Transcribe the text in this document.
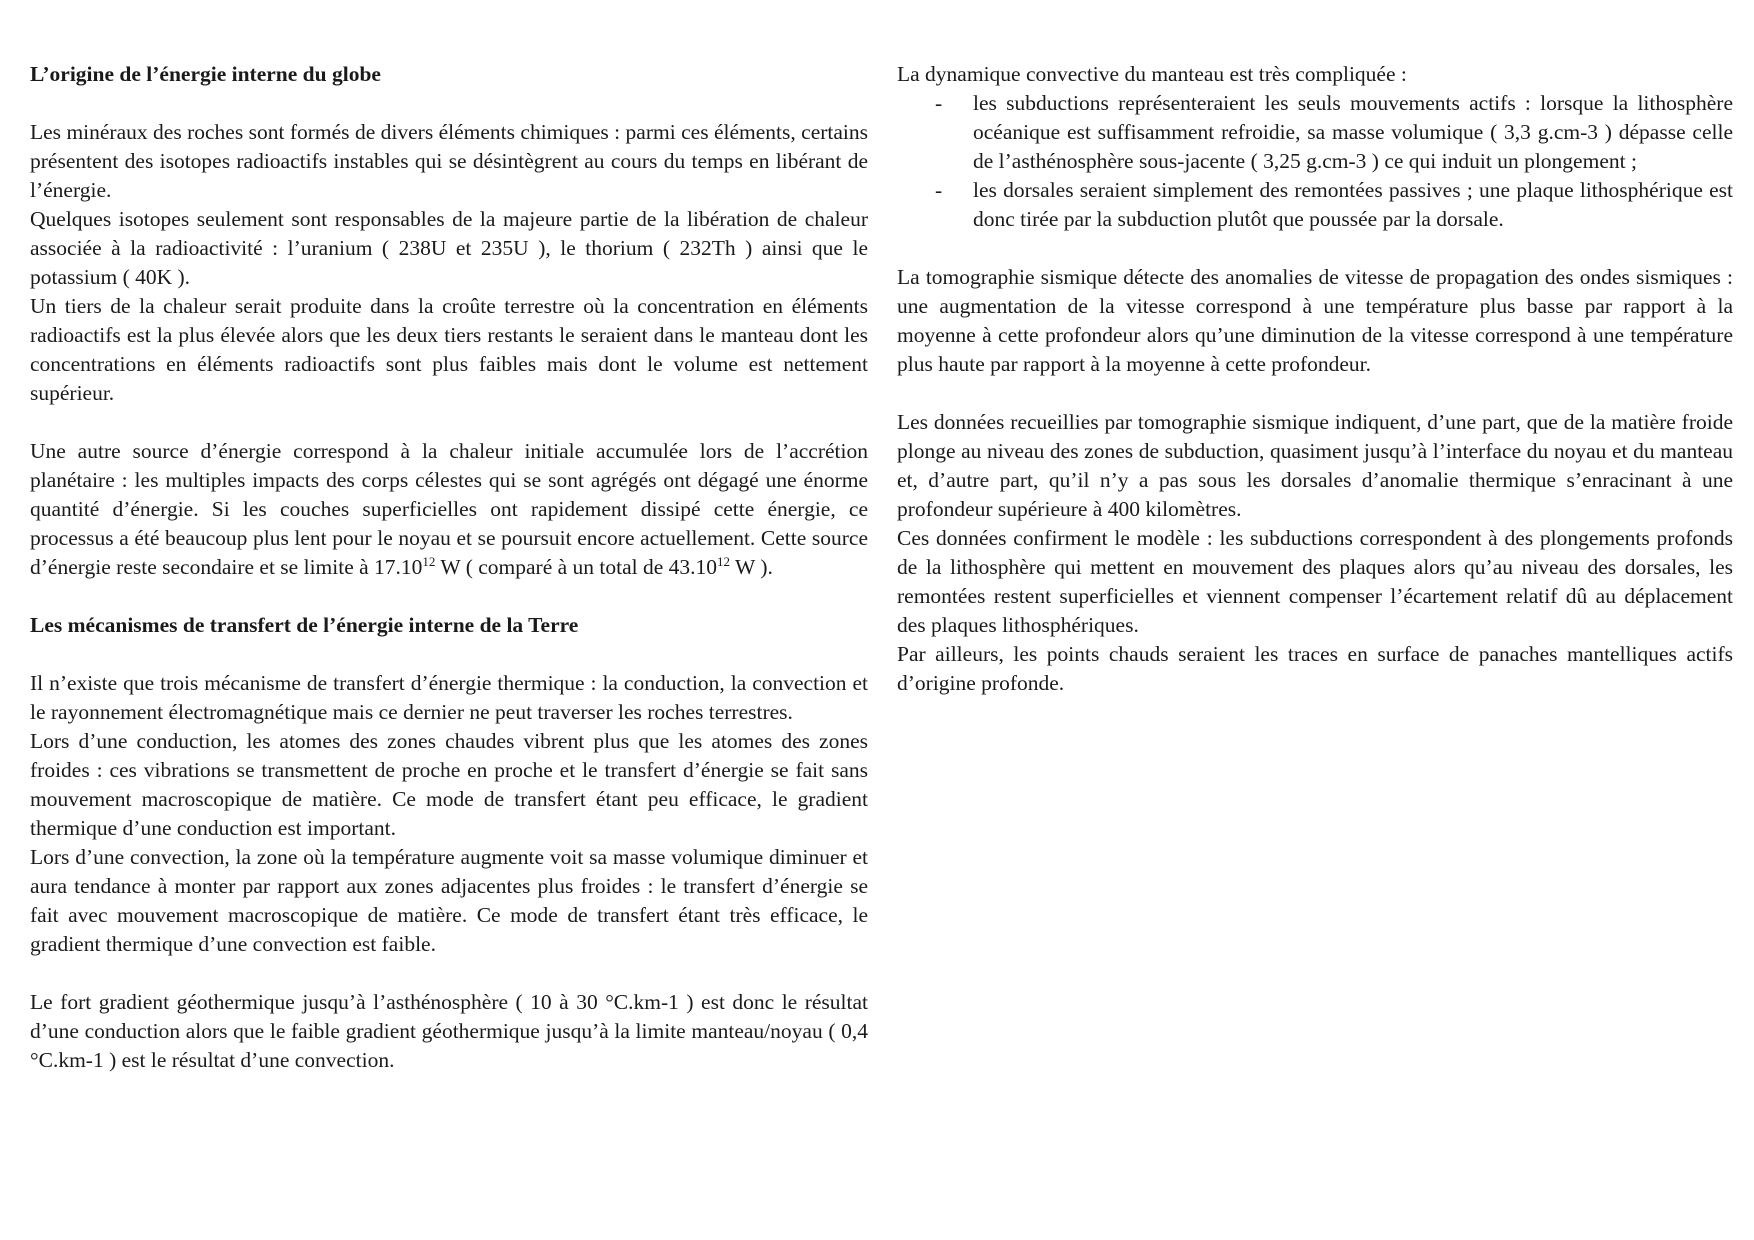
L’origine de l’énergie interne du globe

Les minéraux des roches sont formés de divers éléments chimiques : parmi ces éléments, certains présentent des isotopes radioactifs instables qui se désintègrent au cours du temps en libérant de l’énergie.

Quelques isotopes seulement sont responsables de la majeure partie de la libération de chaleur associée à la radioactivité : l’uranium ( 238U et 235U ), le thorium ( 232Th ) ainsi que le potassium ( 40K ).

Un tiers de la chaleur serait produite dans la croûte terrestre où la concentration en éléments radioactifs est la plus élevée alors que les deux tiers restants le seraient dans le manteau dont les concentrations en éléments radioactifs sont plus faibles mais dont le volume est nettement supérieur.

Une autre source d’énergie correspond à la chaleur initiale accumulée lors de l’accrétion planétaire : les multiples impacts des corps célestes qui se sont agrégés ont dégagé une énorme quantité d’énergie. Si les couches superficielles ont rapidement dissipé cette énergie, ce processus a été beaucoup plus lent pour le noyau et se poursuit encore actuellement. Cette source d’énergie reste secondaire et se limite à 17.10$^{12}$ W ( comparé à un total de 43.10$^{12}$ W ).

Les mécanismes de transfert de l’énergie interne de la Terre

Il n’existe que trois mécanisme de transfert d’énergie thermique : la conduction, la convection et le rayonnement électromagnétique mais ce dernier ne peut traverser les roches terrestres.

Lors d’une conduction, les atomes des zones chaudes vibrent plus que les atomes des zones froides : ces vibrations se transmettent de proche en proche et le transfert d’énergie se fait sans mouvement macroscopique de matière. Ce mode de transfert étant peu efficace, le gradient thermique d’une conduction est important.

Lors d’une convection, la zone où la température augmente voit sa masse volumique diminuer et aura tendance à monter par rapport aux zones adjacentes plus froides : le transfert d’énergie se fait avec mouvement macroscopique de matière. Ce mode de transfert étant très efficace, le gradient thermique d’une convection est faible.

Le fort gradient géothermique jusqu’à l’asthénosphère ( 10 à 30 °C.km-1 ) est donc le résultat d’une conduction alors que le faible gradient géothermique jusqu’à la limite manteau/noyau ( 0,4 °C.km-1 ) est le résultat d’une convection.

La dynamique convective du manteau est très compliquée :

- les subductions représenteraient les seuls mouvements actifs : lorsque la lithosphère océanique est suffisamment refroidie, sa masse volumique ( 3,3 g.cm-3 ) dépasse celle de l’asthénosphère sous-jacente ( 3,25 g.cm-3 ) ce qui induit un plongement ;
- les dorsales seraient simplement des remontées passives ; une plaque lithosphérique est donc tirée par la subduction plutôt que poussée par la dorsale.

La tomographie sismique détecte des anomalies de vitesse de propagation des ondes sismiques : une augmentation de la vitesse correspond à une température plus basse par rapport à la moyenne à cette profondeur alors qu’une diminution de la vitesse correspond à une température plus haute par rapport à la moyenne à cette profondeur.

Les données recueillies par tomographie sismique indiquent, d’une part, que de la matière froide plonge au niveau des zones de subduction, quasiment jusqu’à l’interface du noyau et du manteau et, d’autre part, qu’il n’y a pas sous les dorsales d’anomalie thermique s’enracinant à une profondeur supérieure à 400 kilomètres.

Ces données confirment le modèle : les subductions correspondent à des plongements profonds de la lithosphère qui mettent en mouvement des plaques alors qu’au niveau des dorsales, les remontées restent superficielles et viennent compenser l’écartement relatif dû au déplacement des plaques lithosphériques.

Par ailleurs, les points chauds seraient les traces en surface de panaches mantelliques actifs d’origine profonde.
